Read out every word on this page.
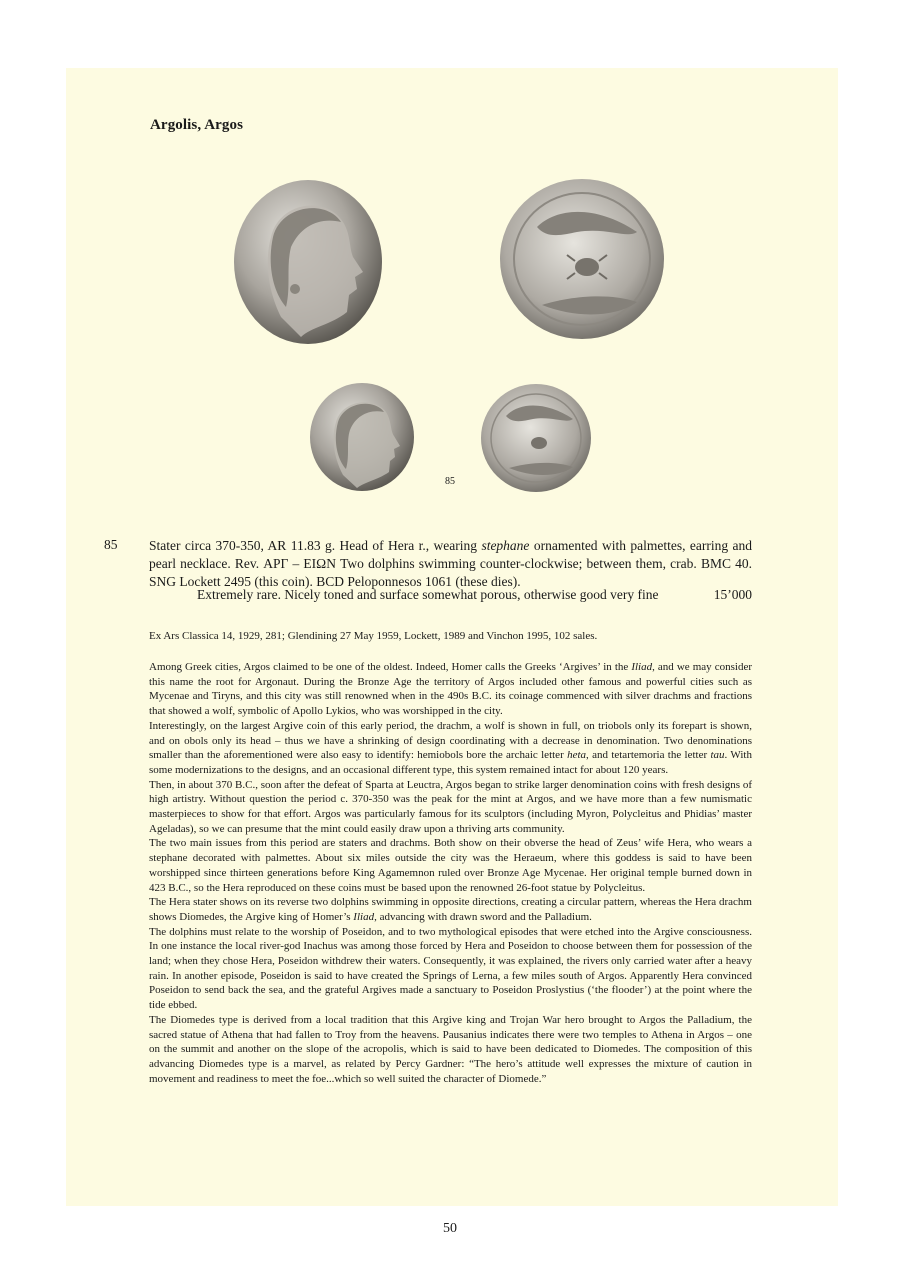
Argolis, Argos
85
85 Stater circa 370-350, AR 11.83 g. Head of Hera r., wearing stephane ornamented with palmettes, earring and pearl necklace. Rev. ΑΡΓ – ΕΙΩΝ Two dolphins swimming counter-clockwise; between them, crab. BMC 40. SNG Lockett 2495 (this coin). BCD Peloponnesos 1061 (these dies).

Extremely rare. Nicely toned and surface somewhat porous, otherwise good very fine	15’000
Ex Ars Classica 14, 1929, 281; Glendining 27 May 1959, Lockett, 1989 and Vinchon 1995, 102 sales.

Among Greek cities, Argos claimed to be one of the oldest. Indeed, Homer calls the Greeks ‘Argives’ in the Iliad, and we may consider this name the root for Argonaut. During the Bronze Age the territory of Argos included other famous and powerful cities such as Mycenae and Tiryns, and this city was still renowned when in the 490s B.C. its coinage commenced with silver drachms and fractions that showed a wolf, symbolic of Apollo Lykios, who was worshipped in the city.

Interestingly, on the largest Argive coin of this early period, the drachm, a wolf is shown in full, on triobols only its forepart is shown, and on obols only its head – thus we have a shrinking of design coordinating with a decrease in denomination. Two denominations smaller than the aforementioned were also easy to identify: hemiobols bore the archaic letter heta, and tetartemoria the letter tau. With some modernizations to the designs, and an occasional different type, this system remained intact for about 120 years.

Then, in about 370 B.C., soon after the defeat of Sparta at Leuctra, Argos began to strike larger denomination coins with fresh designs of high artistry. Without question the period c. 370-350 was the peak for the mint at Argos, and we have more than a few numismatic masterpieces to show for that effort. Argos was particularly famous for its sculptors (including Myron, Polycleitus and Phidias’ master Ageladas), so we can presume that the mint could easily draw upon a thriving arts community.

The two main issues from this period are staters and drachms. Both show on their obverse the head of Zeus’ wife Hera, who wears a stephane decorated with palmettes. About six miles outside the city was the Heraeum, where this goddess is said to have been worshipped since thirteen generations before King Agamemnon ruled over Bronze Age Mycenae. Her original temple burned down in 423 B.C., so the Hera reproduced on these coins must be based upon the renowned 26-foot statue by Polycleitus.

The Hera stater shows on its reverse two dolphins swimming in opposite directions, creating a circular pattern, whereas the Hera drachm shows Diomedes, the Argive king of Homer’s Iliad, advancing with drawn sword and the Palladium.

The dolphins must relate to the worship of Poseidon, and to two mythological episodes that were etched into the Argive consciousness. In one instance the local river-god Inachus was among those forced by Hera and Poseidon to choose between them for possession of the land; when they chose Hera, Poseidon withdrew their waters. Consequently, it was explained, the rivers only carried water after a heavy rain. In another episode, Poseidon is said to have created the Springs of Lerna, a few miles south of Argos. Apparently Hera convinced Poseidon to send back the sea, and the grateful Argives made a sanctuary to Poseidon Proslystius (‘the flooder’) at the point where the tide ebbed.

The Diomedes type is derived from a local tradition that this Argive king and Trojan War hero brought to Argos the Palladium, the sacred statue of Athena that had fallen to Troy from the heavens. Pausanius indicates there were two temples to Athena in Argos – one on the summit and another on the slope of the acropolis, which is said to have been dedicated to Diomedes. The composition of this advancing Diomedes type is a marvel, as related by Percy Gardner: “The hero’s attitude well expresses the mixture of caution in movement and readiness to meet the foe...which so well suited the character of Diomede.”

50
